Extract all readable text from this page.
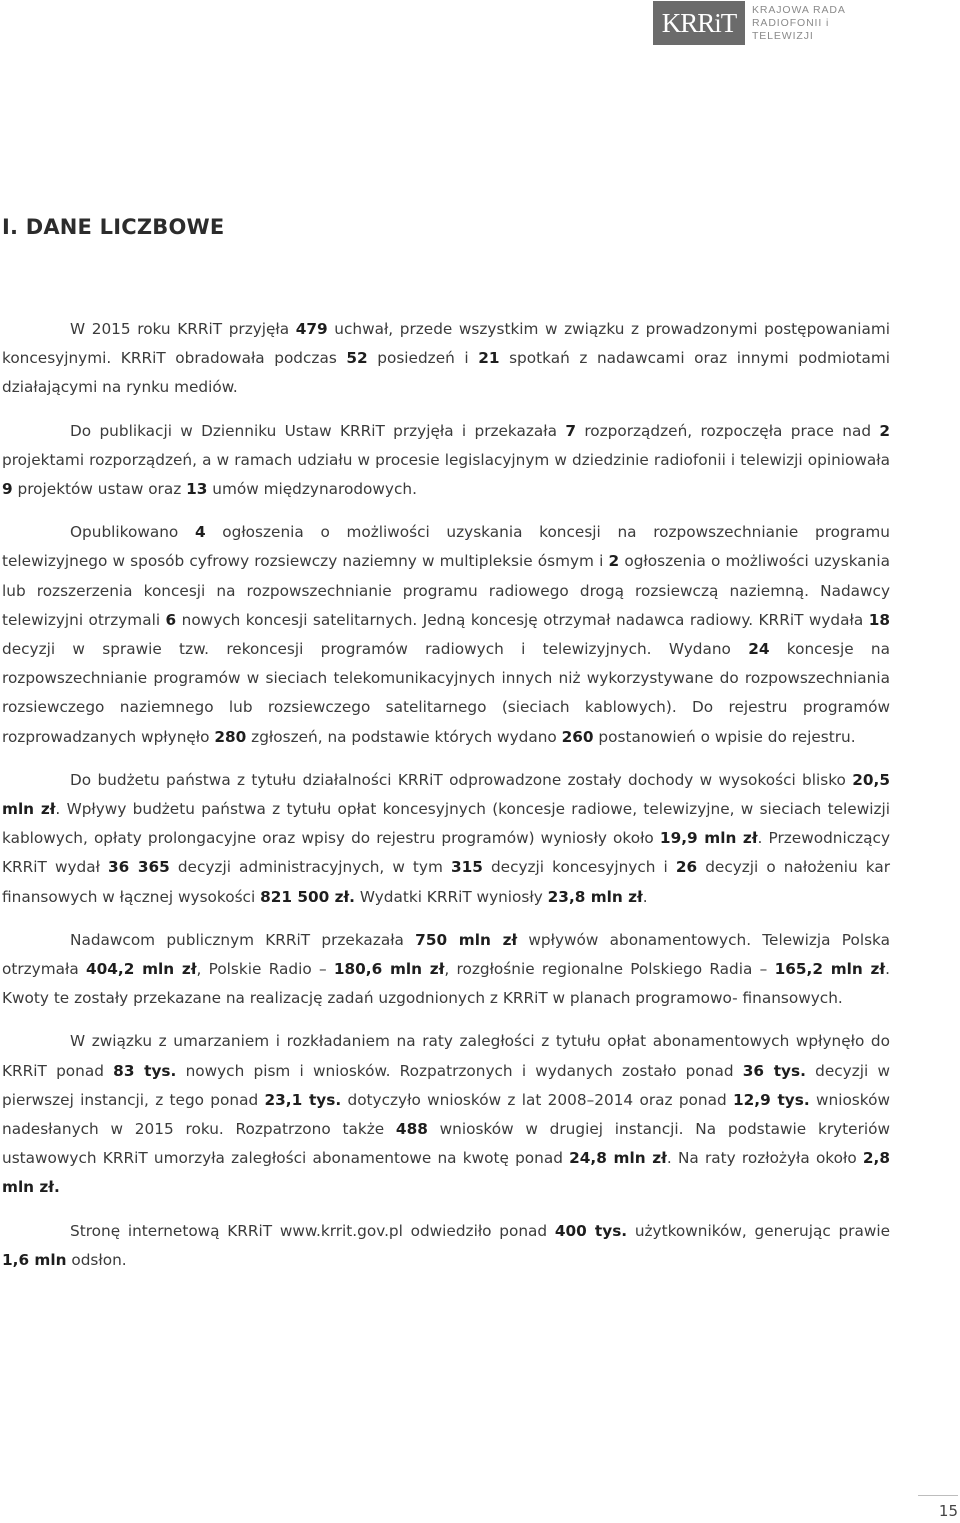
KRRiT KRAJOWA RADA
RADIOFONII i TELEWIZJI
I. DANE LICZBOWE

W 2015 roku KRRiT przyjęła 479 uchwał, przede wszystkim w związku z prowadzonymi postępowaniami koncesyjnymi. KRRiT obradowała podczas 52 posiedzeń i 21 spotkań z nadawcami oraz innymi podmiotami działającymi na rynku mediów.

Do publikacji w Dzienniku Ustaw KRRiT przyjęła i przekazała 7 rozporządzeń, rozpoczęła prace nad 2 projektami rozporządzeń, a w ramach udziału w procesie legislacyjnym w dziedzinie radiofonii i telewizji opiniowała 9 projektów ustaw oraz 13 umów międzynarodowych.

Opublikowano 4 ogłoszenia o możliwości uzyskania koncesji na rozpowszechnianie programu telewizyjnego w sposób cyfrowy rozsiewczy naziemny w multipleksie ósmym i 2 ogłoszenia o możliwości uzyskania lub rozszerzenia koncesji na rozpowszechnianie programu radiowego drogą rozsiewczą naziemną. Nadawcy telewizyjni otrzymali 6 nowych koncesji satelitarnych. Jedną koncesję otrzymał nadawca radiowy. KRRiT wydała 18 decyzji w sprawie tzw. rekoncesji programów radiowych i telewizyjnych. Wydano 24 koncesje na rozpowszechnianie programów w sieciach telekomunikacyjnych innych niż wykorzystywane do rozpowszechniania rozsiewczego naziemnego lub rozsiewczego satelitarnego (sieciach kablowych). Do rejestru programów rozprowadzanych wpłynęło 280 zgłoszeń, na podstawie których wydano 260 postanowień o wpisie do rejestru.

Do budżetu państwa z tytułu działalności KRRiT odprowadzone zostały dochody w wysokości blisko 20,5 mln zł. Wpływy budżetu państwa z tytułu opłat koncesyjnych (koncesje radiowe, telewizyjne, w sieciach telewizji kablowych, opłaty prolongacyjne oraz wpisy do rejestru programów) wyniosły około 19,9 mln zł. Przewodniczący KRRiT wydał 36 365 decyzji administracyjnych, w tym 315 decyzji koncesyjnych i 26 decyzji o nałożeniu kar finansowych w łącznej wysokości 821 500 zł. Wydatki KRRiT wyniosły 23,8 mln zł.

Nadawcom publicznym KRRiT przekazała 750 mln zł wpływów abonamentowych. Telewizja Polska otrzymała 404,2 mln zł, Polskie Radio – 180,6 mln zł, rozgłośnie regionalne Polskiego Radia – 165,2 mln zł. Kwoty te zostały przekazane na realizację zadań uzgodnionych z KRRiT w planach programowo- finansowych.

W związku z umarzaniem i rozkładaniem na raty zaległości z tytułu opłat abonamentowych wpłynęło do KRRiT ponad 83 tys. nowych pism i wniosków. Rozpatrzonych i wydanych zostało ponad 36 tys. decyzji w pierwszej instancji, z tego ponad 23,1 tys. dotyczyło wniosków z lat 2008–2014 oraz ponad 12,9 tys. wniosków nadesłanych w 2015 roku. Rozpatrzono także 488 wniosków w drugiej instancji. Na podstawie kryteriów ustawowych KRRiT umorzyła zaległości abonamentowe na kwotę ponad 24,8 mln zł. Na raty rozłożyła około 2,8 mln zł.

Stronę internetową KRRiT www.krrit.gov.pl odwiedziło ponad 400 tys. użytkowników, generując prawie 1,6 mln odsłon.

15
